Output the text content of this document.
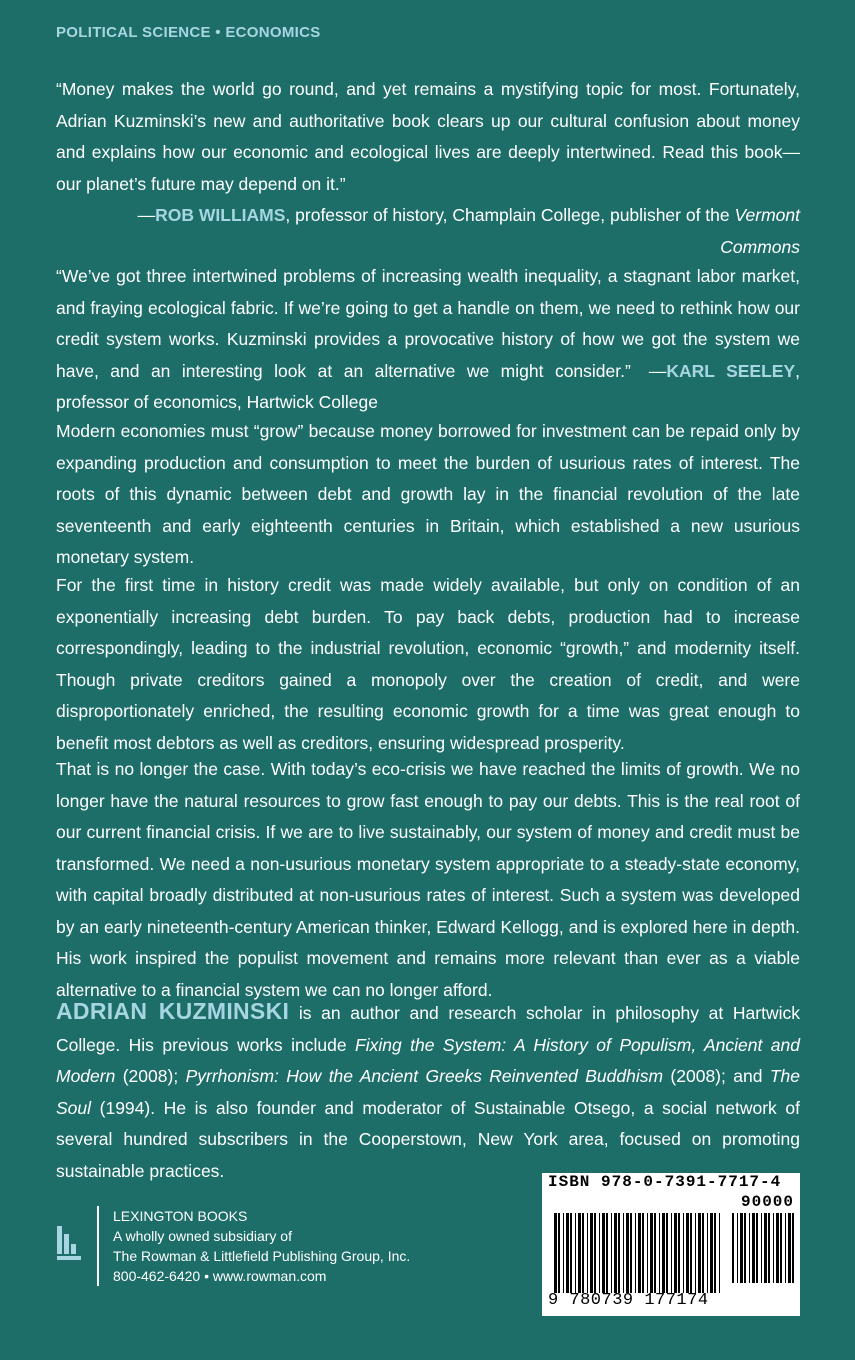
POLITICAL SCIENCE • ECONOMICS
“Money makes the world go round, and yet remains a mystifying topic for most. Fortunately, Adrian Kuzminski’s new and authoritative book clears up our cultural confusion about money and explains how our economic and ecological lives are deeply intertwined. Read this book—our planet’s future may depend on it.”
—ROB WILLIAMS, professor of history, Champlain College, publisher of the Vermont Commons
“We’ve got three intertwined problems of increasing wealth inequality, a stagnant labor market, and fraying ecological fabric. If we’re going to get a handle on them, we need to rethink how our credit system works. Kuzminski provides a provocative history of how we got the system we have, and an interesting look at an alternative we might consider.” —KARL SEELEY, professor of economics, Hartwick College
Modern economies must “grow” because money borrowed for investment can be repaid only by expanding production and consumption to meet the burden of usurious rates of interest. The roots of this dynamic between debt and growth lay in the financial revolution of the late seventeenth and early eighteenth centuries in Britain, which established a new usurious monetary system.
For the first time in history credit was made widely available, but only on condition of an exponentially increasing debt burden. To pay back debts, production had to increase correspondingly, leading to the industrial revolution, economic “growth,” and modernity itself. Though private creditors gained a monopoly over the creation of credit, and were disproportionately enriched, the resulting economic growth for a time was great enough to benefit most debtors as well as creditors, ensuring widespread prosperity.
That is no longer the case. With today’s eco-crisis we have reached the limits of growth. We no longer have the natural resources to grow fast enough to pay our debts. This is the real root of our current financial crisis. If we are to live sustainably, our system of money and credit must be transformed. We need a non-usurious monetary system appropriate to a steady-state economy, with capital broadly distributed at non-usurious rates of interest. Such a system was developed by an early nineteenth-century American thinker, Edward Kellogg, and is explored here in depth. His work inspired the populist movement and remains more relevant than ever as a viable alternative to a financial system we can no longer afford.
ADRIAN KUZMINSKI is an author and research scholar in philosophy at Hartwick College. His previous works include Fixing the System: A History of Populism, Ancient and Modern (2008); Pyrrhonism: How the Ancient Greeks Reinvented Buddhism (2008); and The Soul (1994). He is also founder and moderator of Sustainable Otsego, a social network of several hundred subscribers in the Cooperstown, New York area, focused on promoting sustainable practices.
LEXINGTON BOOKS
A wholly owned subsidiary of
The Rowman & Littlefield Publishing Group, Inc.
800-462-6420 • www.rowman.com
ISBN 978-0-7391-7717-4
90000
9 780739 177174
